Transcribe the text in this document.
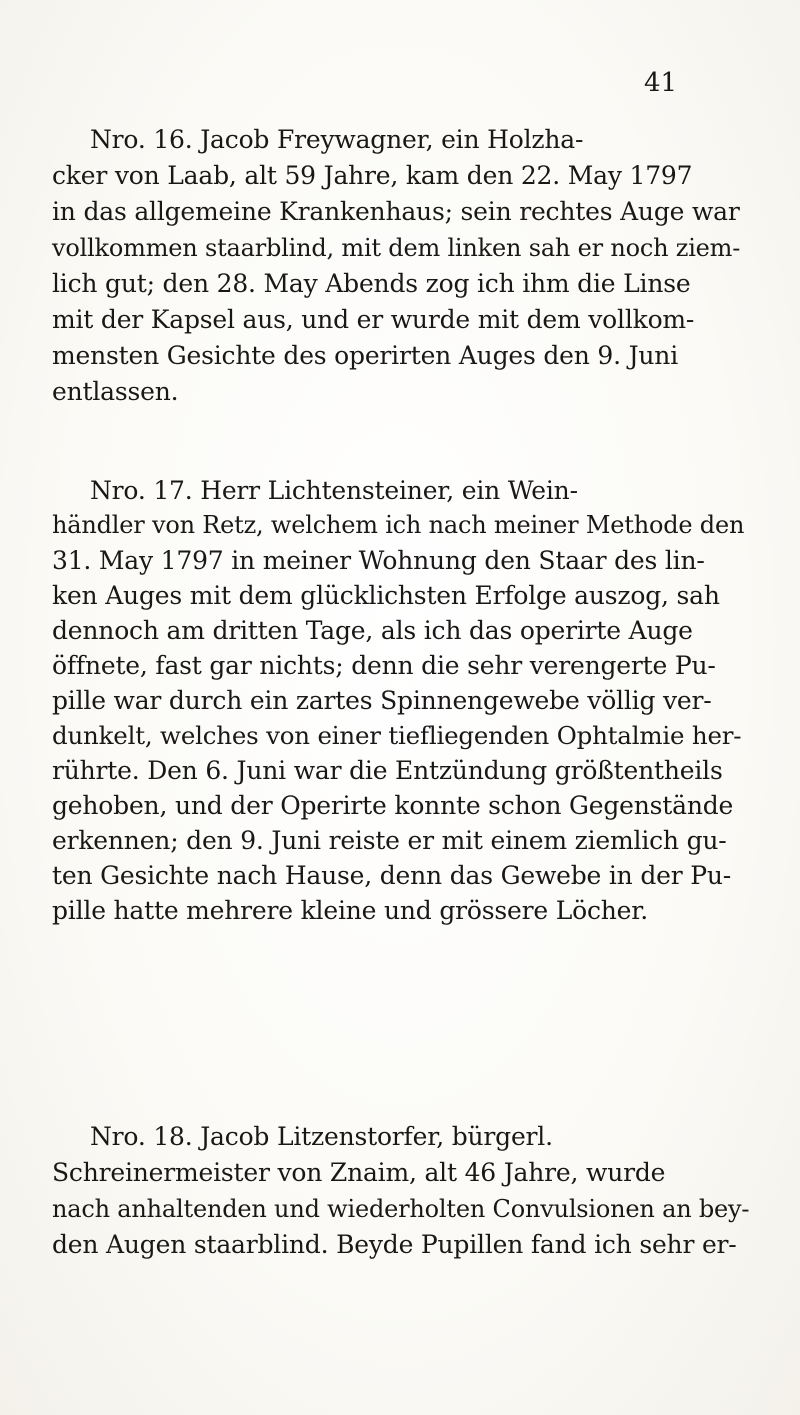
41
Nro. 16. Jacob Freywagner, ein Holzha-
cker von Laab, alt 59 Jahre, kam den 22. May 1797
in das allgemeine Krankenhaus; sein rechtes Auge war
vollkommen staarblind, mit dem linken sah er noch ziem-
lich gut; den 28. May Abends zog ich ihm die Linse
mit der Kapsel aus, und er wurde mit dem vollkom-
mensten Gesichte des operirten Auges den 9. Juni
entlassen.
Nro. 17. Herr Lichtensteiner, ein Wein-
händler von Retz, welchem ich nach meiner Methode den
31. May 1797 in meiner Wohnung den Staar des lin-
ken Auges mit dem glücklichsten Erfolge auszog, sah
dennoch am dritten Tage, als ich das operirte Auge
öffnete, fast gar nichts; denn die sehr verengerte Pu-
pille war durch ein zartes Spinnengewebe völlig ver-
dunkelt, welches von einer tiefliegenden Ophtalmie her-
rührte. Den 6. Juni war die Entzündung größtentheils
gehoben, und der Operirte konnte schon Gegenstände
erkennen; den 9. Juni reiste er mit einem ziemlich gu-
ten Gesichte nach Hause, denn das Gewebe in der Pu-
pille hatte mehrere kleine und grössere Löcher.
Nro. 18. Jacob Litzenstorfer, bürgerl.
Schreinermeister von Znaim, alt 46 Jahre, wurde
nach anhaltenden und wiederholten Convulsionen an bey-
den Augen staarblind. Beyde Pupillen fand ich sehr er-
